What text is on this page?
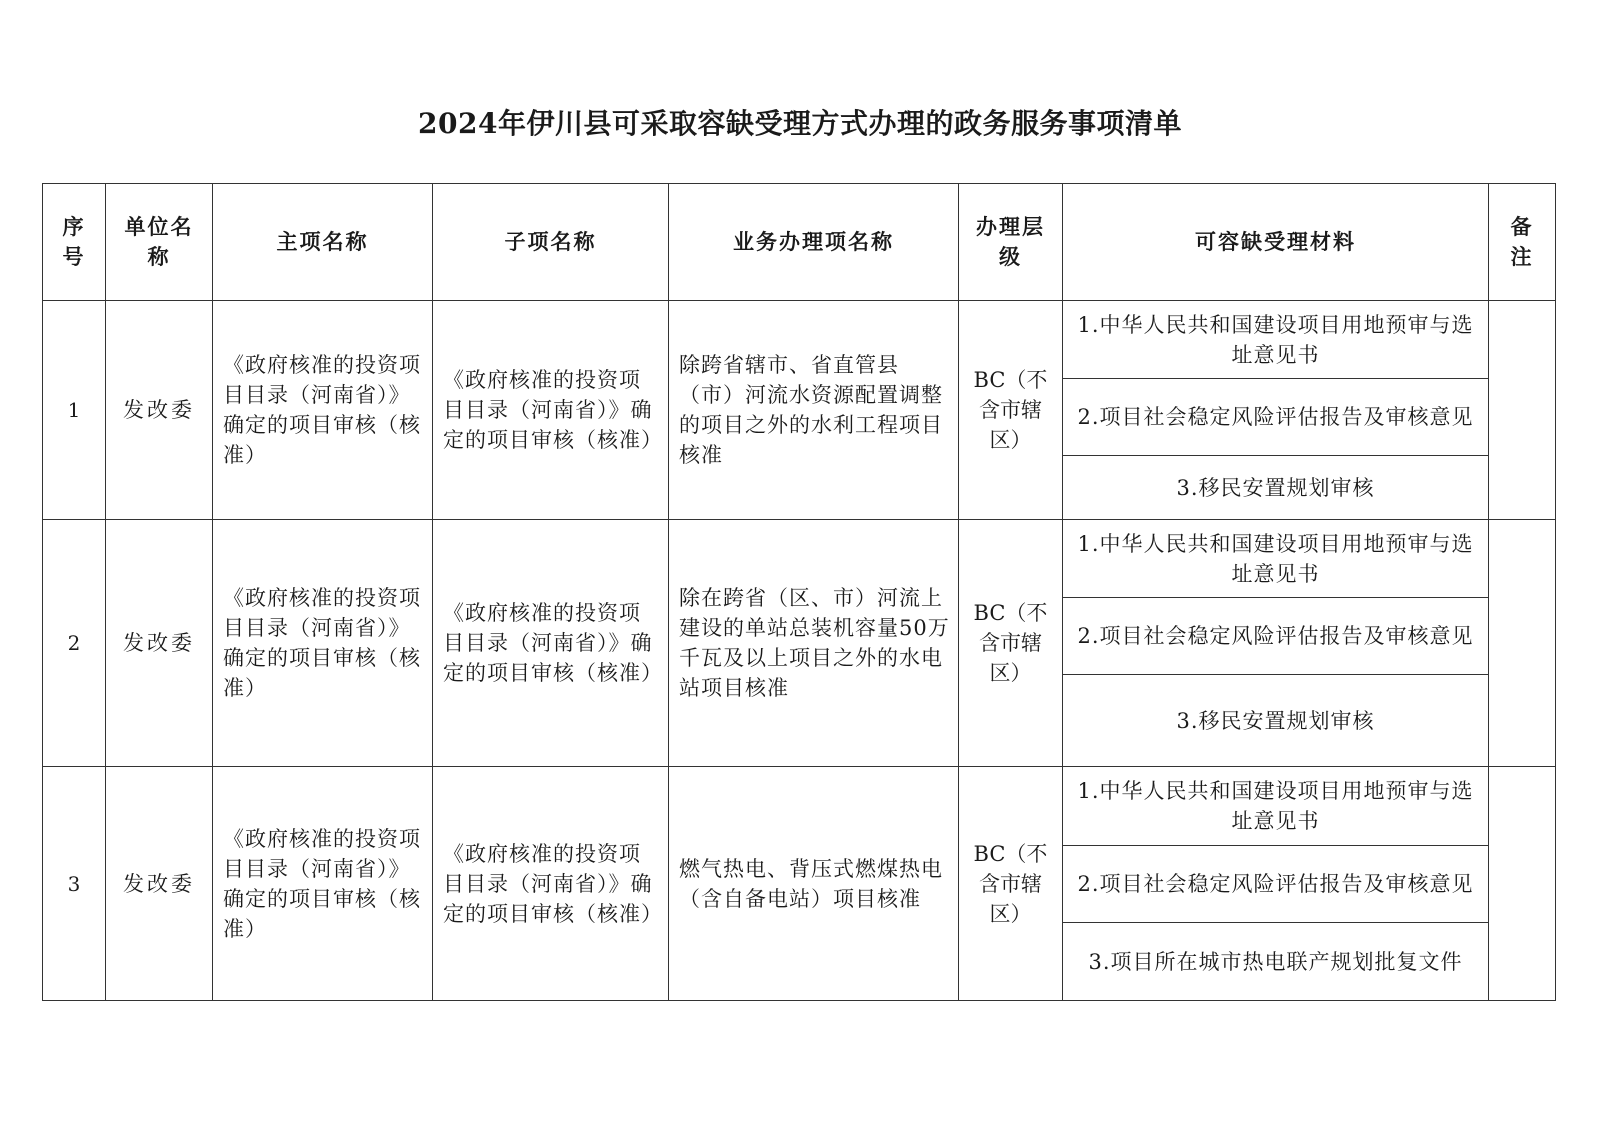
2024年伊川县可采取容缺受理方式办理的政务服务事项清单
序号	单位名称	主项名称	子项名称	业务办理项名称	办理层级	可容缺受理材料	备注
1	发改委	《政府核准的投资项目目录（河南省）》确定的项目审核（核准）	《政府核准的投资项目目录（河南省）》确定的项目审核（核准）	除跨省辖市、省直管县（市）河流水资源配置调整的项目之外的水利工程项目核准	BC（不含市辖区）	1.中华人民共和国建设项目用地预审与选址意见书	
						2.项目社会稳定风险评估报告及审核意见	
						3.移民安置规划审核	
2	发改委	《政府核准的投资项目目录（河南省）》确定的项目审核（核准）	《政府核准的投资项目目录（河南省）》确定的项目审核（核准）	除在跨省（区、市）河流上建设的单站总装机容量50万千瓦及以上项目之外的水电站项目核准	BC（不含市辖区）	1.中华人民共和国建设项目用地预审与选址意见书	
						2.项目社会稳定风险评估报告及审核意见	
						3.移民安置规划审核	
3	发改委	《政府核准的投资项目目录（河南省）》确定的项目审核（核准）	《政府核准的投资项目目录（河南省）》确定的项目审核（核准）	燃气热电、背压式燃煤热电（含自备电站）项目核准	BC（不含市辖区）	1.中华人民共和国建设项目用地预审与选址意见书	
						2.项目社会稳定风险评估报告及审核意见	
						3.项目所在城市热电联产规划批复文件	
